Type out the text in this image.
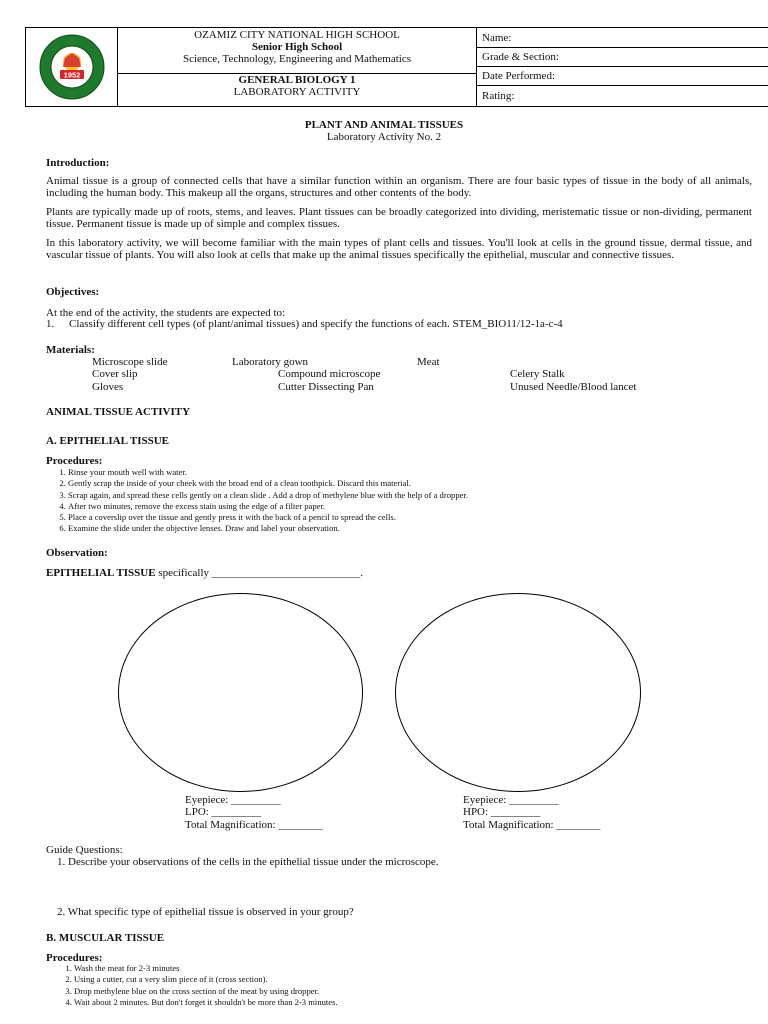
1952
OZAMIZ CITY NATIONAL HIGH SCHOOL
Senior High School
Science, Technology, Engineering and Mathematics
GENERAL BIOLOGY 1
LABORATORY ACTIVITY
Name:
Grade & Section:
Date Performed:
Rating:
PLANT AND ANIMAL TISSUES
Laboratory Activity No. 2
Introduction:
Animal tissue is a group of connected cells that have a similar function within an organism. There are four basic types of tissue in the body of all animals, including the human body. This makeup all the organs, structures and other contents of the body.
Plants are typically made up of roots, stems, and leaves. Plant tissues can be broadly categorized into dividing, meristematic tissue or non-dividing, permanent tissue. Permanent tissue is made up of simple and complex tissues.
In this laboratory activity, we will become familiar with the main types of plant cells and tissues. You'll look at cells in the ground tissue, dermal tissue, and vascular tissue of plants. You will also look at cells that make up the animal tissues specifically the epithelial, muscular and connective tissues.
Objectives:
At the end of the activity, the students are expected to:
1. Classify different cell types (of plant/animal tissues) and specify the functions of each. STEM_BIO11/12-1a-c-4
Materials:
Microscope slide	Laboratory gown	Meat
Cover slip	Compound microscope	Celery Stalk
Gloves	Cutter Dissecting Pan	Unused Needle/Blood lancet
ANIMAL TISSUE ACTIVITY
A. EPITHELIAL TISSUE
Procedures:
1. Rinse your mouth well with water.
2. Gently scrap the inside of your cheek with the broad end of a clean toothpick. Discard this material.
3. Scrap again, and spread these cells gently on a clean slide . Add a drop of methylene blue with the help of a dropper.
4. After two minutes, remove the excess stain using the edge of a filter paper.
5. Place a coverslip over the tissue and gently press it with the back of a pencil to spread the cells.
6. Examine the slide under the objective lenses. Draw and label your observation.
Observation:
EPITHELIAL TISSUE specifically ___________________________.
Eyepiece: _________
LPO: _________
Total Magnification: ________
Eyepiece: _________
HPO: _________
Total Magnification: ________
Guide Questions:
1. Describe your observations of the cells in the epithelial tissue under the microscope.
2. What specific type of epithelial tissue is observed in your group?
B. MUSCULAR TISSUE
Procedures:
1. Wash the meat for 2-3 minutes
2. Using a cutter, cut a very slim piece of it (cross section).
3. Drop methylene blue on the cross section of the meat by using dropper.
4. Wait about 2 minutes. But don't forget it shouldn't be more than 2-3 minutes.
